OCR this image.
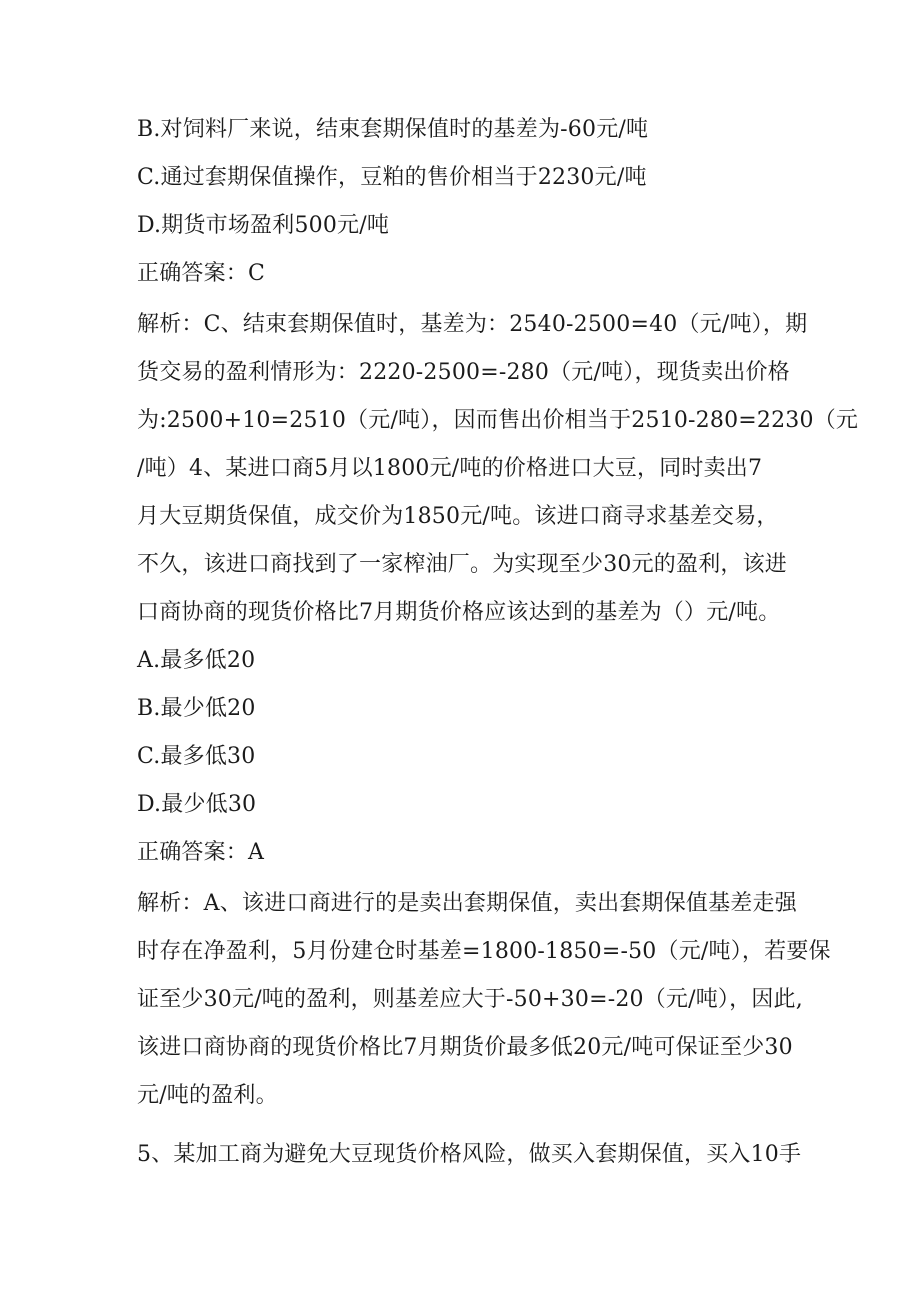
B.对饲料厂来说，结束套期保值时的基差为-60元/吨
C.通过套期保值操作，豆粕的售价相当于2230元/吨
D.期货市场盈利500元/吨
正确答案：C
解析：C、结束套期保值时，基差为：2540-2500=40（元/吨），期
货交易的盈利情形为：2220-2500=-280（元/吨），现货卖出价格
为:2500+10=2510（元/吨），因而售出价相当于2510-280=2230（元
/吨）4、某进口商5月以1800元/吨的价格进口大豆，同时卖出7
月大豆期货保值，成交价为1850元/吨。该进口商寻求基差交易，
不久，该进口商找到了一家榨油厂。为实现至少30元的盈利，该进
口商协商的现货价格比7月期货价格应该达到的基差为（）元/吨。
A.最多低20
B.最少低20
C.最多低30
D.最少低30
正确答案：A
解析：A、该进口商进行的是卖出套期保值，卖出套期保值基差走强
时存在净盈利，5月份建仓时基差=1800-1850=-50（元/吨），若要保
证至少30元/吨的盈利，则基差应大于-50+30=-20（元/吨），因此,
该进口商协商的现货价格比7月期货价最多低20元/吨可保证至少30
元/吨的盈利。
5、某加工商为避免大豆现货价格风险，做买入套期保值，买入10手
